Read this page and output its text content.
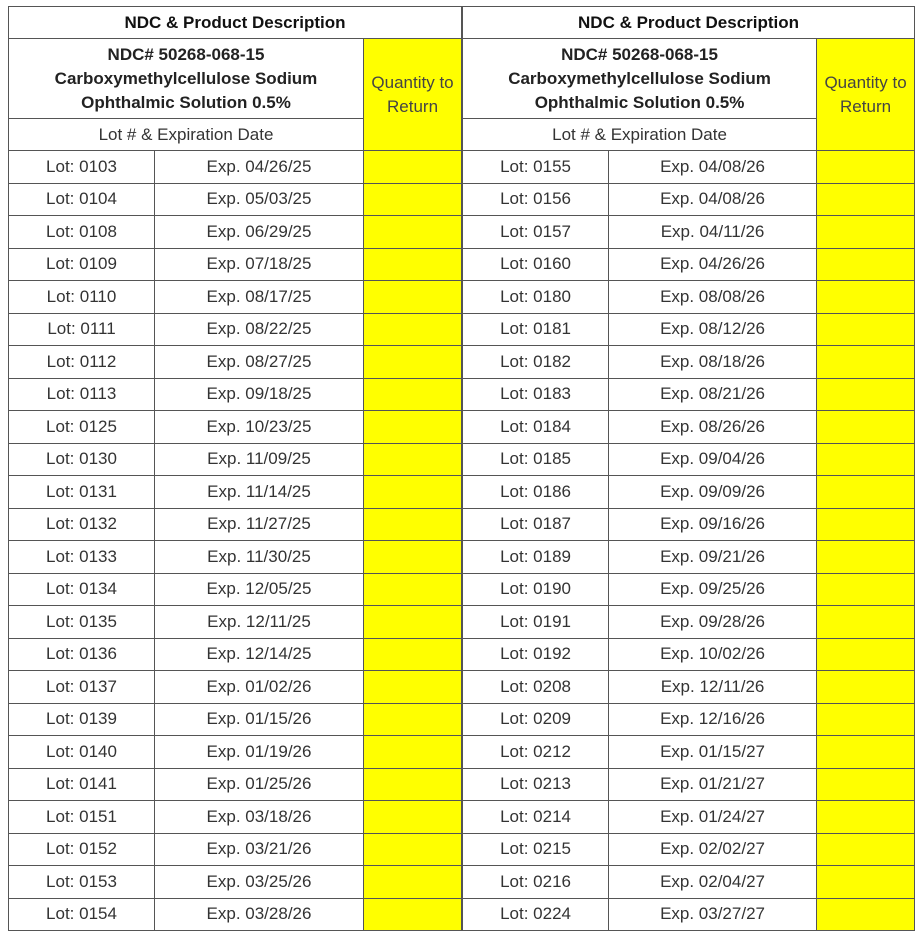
NDC & Product Description		

NDC# 50268-068-15
Carboxymethylcellulose Sodium
Ophthalmic Solution 0.5%		Quantity to
Return

Lot # & Expiration Date		
Lot: 0103	Exp. 04/26/25	
Lot: 0104	Exp. 05/03/25	
Lot: 0108	Exp. 06/29/25	
Lot: 0109	Exp. 07/18/25	
Lot: 0110	Exp. 08/17/25	
Lot: 0111	Exp. 08/22/25	
Lot: 0112	Exp. 08/27/25	
Lot: 0113	Exp. 09/18/25	
Lot: 0125	Exp. 10/23/25	
Lot: 0130	Exp. 11/09/25	
Lot: 0131	Exp. 11/14/25	
Lot: 0132	Exp. 11/27/25	
Lot: 0133	Exp. 11/30/25	
Lot: 0134	Exp. 12/05/25	
Lot: 0135	Exp. 12/11/25	
Lot: 0136	Exp. 12/14/25	
Lot: 0137	Exp. 01/02/26	
Lot: 0139	Exp. 01/15/26	
Lot: 0140	Exp. 01/19/26	
Lot: 0141	Exp. 01/25/26	
Lot: 0151	Exp. 03/18/26	
Lot: 0152	Exp. 03/21/26	
Lot: 0153	Exp. 03/25/26	
Lot: 0154	Exp. 03/28/26	
NDC & Product Description		

NDC# 50268-068-15
Carboxymethylcellulose Sodium
Ophthalmic Solution 0.5%		Quantity to
Return

Lot # & Expiration Date		
Lot: 0155	Exp. 04/08/26	
Lot: 0156	Exp. 04/08/26	
Lot: 0157	Exp. 04/11/26	
Lot: 0160	Exp. 04/26/26	
Lot: 0180	Exp. 08/08/26	
Lot: 0181	Exp. 08/12/26	
Lot: 0182	Exp. 08/18/26	
Lot: 0183	Exp. 08/21/26	
Lot: 0184	Exp. 08/26/26	
Lot: 0185	Exp. 09/04/26	
Lot: 0186	Exp. 09/09/26	
Lot: 0187	Exp. 09/16/26	
Lot: 0189	Exp. 09/21/26	
Lot: 0190	Exp. 09/25/26	
Lot: 0191	Exp. 09/28/26	
Lot: 0192	Exp. 10/02/26	
Lot: 0208	Exp. 12/11/26	
Lot: 0209	Exp. 12/16/26	
Lot: 0212	Exp. 01/15/27	
Lot: 0213	Exp. 01/21/27	
Lot: 0214	Exp. 01/24/27	
Lot: 0215	Exp. 02/02/27	
Lot: 0216	Exp. 02/04/27	
Lot: 0224	Exp. 03/27/27	
